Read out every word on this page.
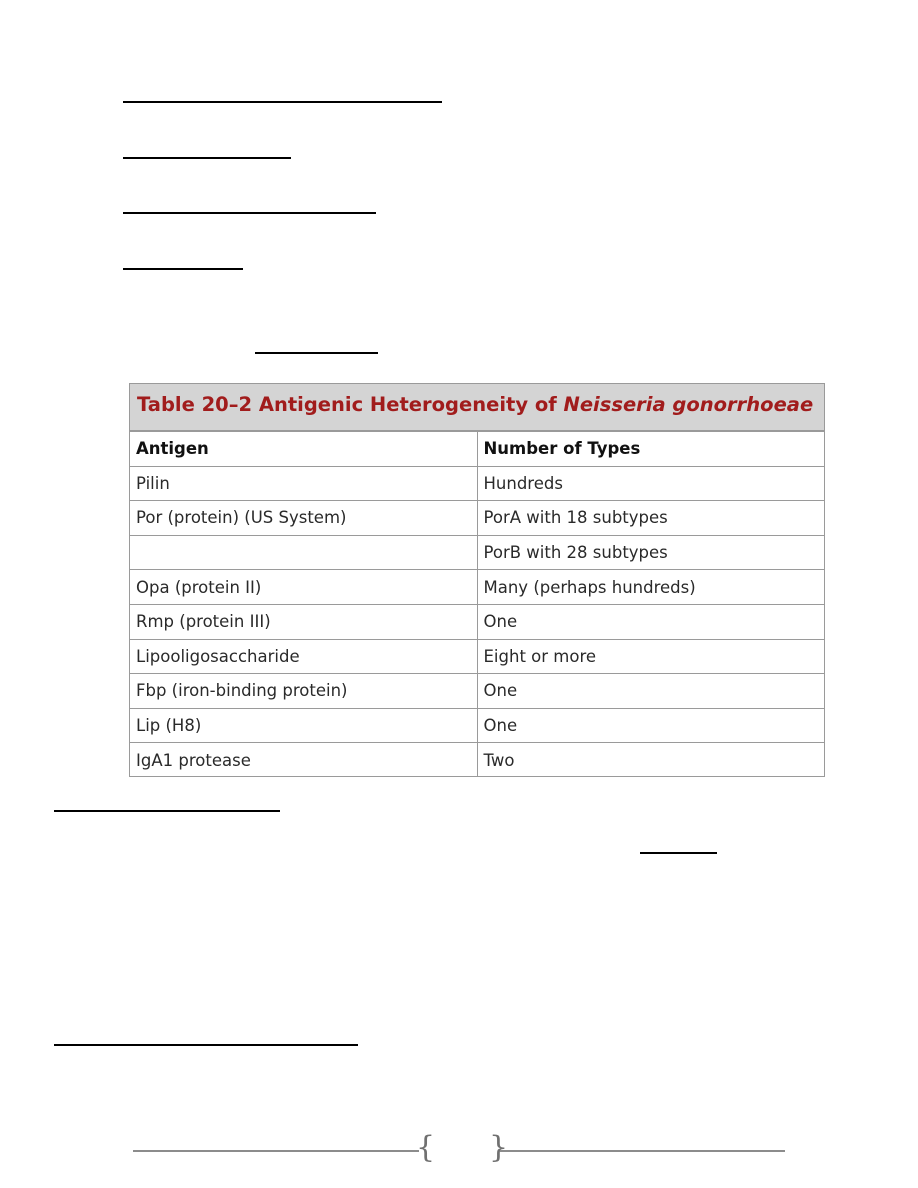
Table 20–2 Antigenic Heterogeneity of Neisseria gonorrhoeae
Antigen	Number of Types
Pilin	Hundreds
Por (protein) (US System)	PorA with 18 subtypes
	PorB with 28 subtypes
Opa (protein II)	Many (perhaps hundreds)
Rmp (protein III)	One
Lipooligosaccharide	Eight or more
Fbp (iron-binding protein)	One
Lip (H8)	One
IgA1 protease	Two
{ }
